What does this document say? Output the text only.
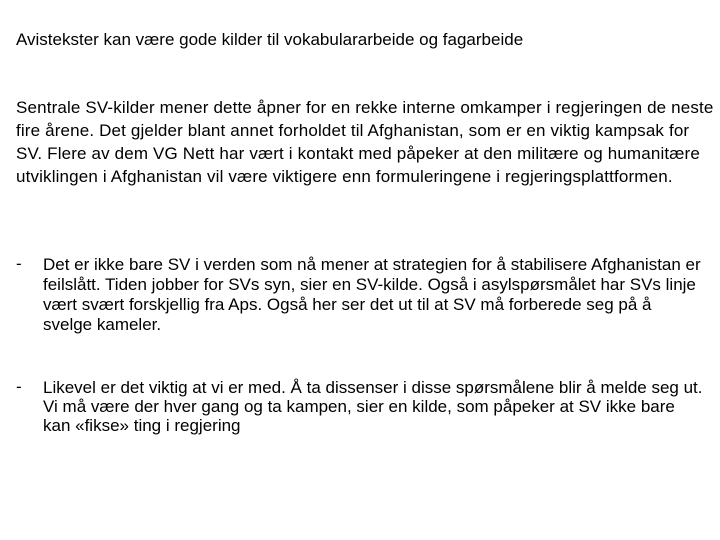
Avistekster kan være gode kilder til vokabulararbeide og fagarbeide
Sentrale SV-kilder mener dette åpner for en rekke interne omkamper i regjeringen de neste fire årene. Det gjelder blant annet forholdet til Afghanistan, som er en viktig kampsak for SV. Flere av dem VG Nett har vært i kontakt med påpeker at den militære og humanitære utviklingen i Afghanistan vil være viktigere enn formuleringene i regjeringsplattformen.
-	Det er ikke bare SV i verden som nå mener at strategien for å stabilisere Afghanistan er feilslått. Tiden jobber for SVs syn, sier en SV-kilde. Også i asylspørsmålet har SVs linje vært svært forskjellig fra Aps. Også her ser det ut til at SV må forberede seg på å svelge kameler.
-	Likevel er det viktig at vi er med. Å ta dissenser i disse spørsmålene blir å melde seg ut. Vi må være der hver gang og ta kampen, sier en kilde, som påpeker at SV ikke bare kan «fikse» ting i regjering
